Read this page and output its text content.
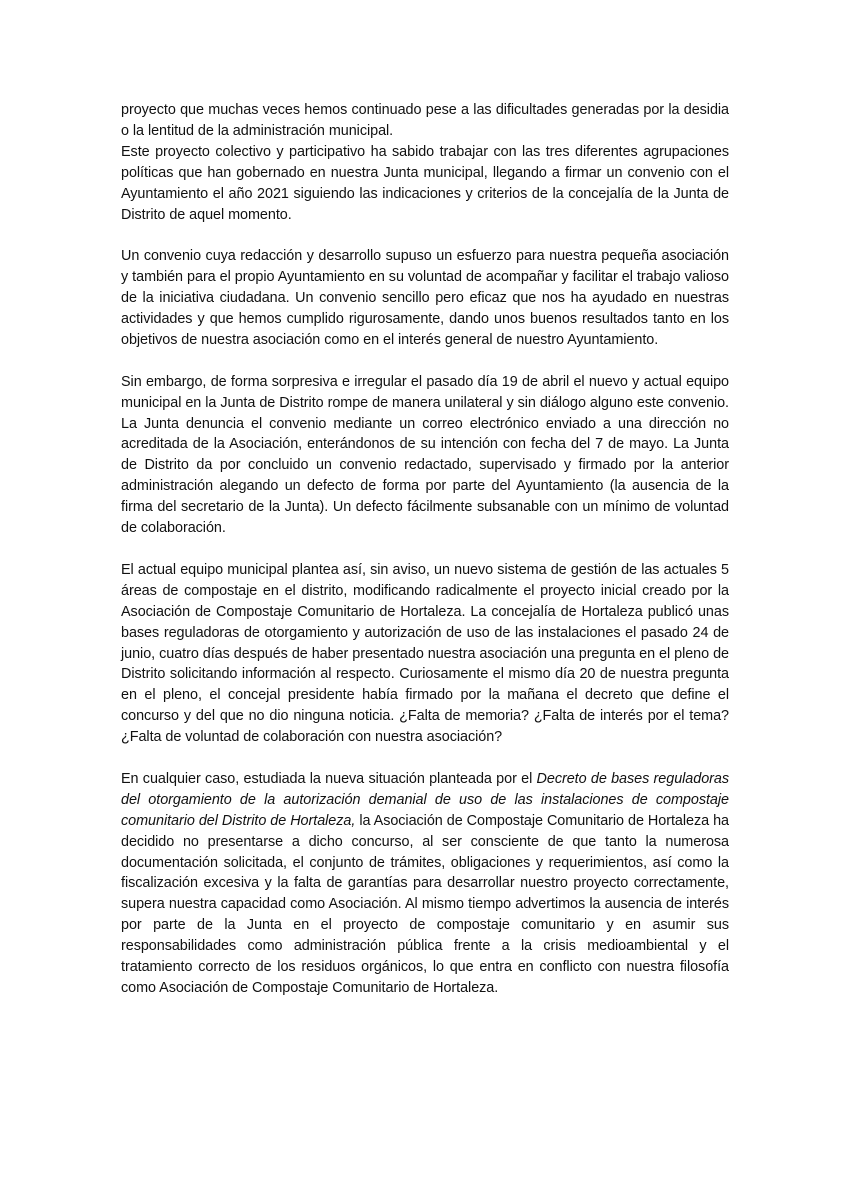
proyecto que muchas veces hemos continuado pese a las dificultades generadas por la desidia o la lentitud de la administración municipal.

Este proyecto colectivo y participativo ha sabido trabajar con las tres diferentes agrupaciones políticas que han gobernado en nuestra Junta municipal, llegando a firmar un convenio con el Ayuntamiento el año 2021 siguiendo las indicaciones y criterios de la concejalía de la Junta de Distrito de aquel momento.

Un convenio cuya redacción y desarrollo supuso un esfuerzo para nuestra pequeña asociación y también para el propio Ayuntamiento en su voluntad de acompañar y facilitar el trabajo valioso de la iniciativa ciudadana. Un convenio sencillo pero eficaz que nos ha ayudado en nuestras actividades y que hemos cumplido rigurosamente, dando unos buenos resultados tanto en los objetivos de nuestra asociación como en el interés general de nuestro Ayuntamiento.

Sin embargo, de forma sorpresiva e irregular el pasado día 19 de abril el nuevo y actual equipo municipal en la Junta de Distrito rompe de manera unilateral y sin diálogo alguno este convenio. La Junta denuncia el convenio mediante un correo electrónico enviado a una dirección no acreditada de la Asociación, enterándonos de su intención con fecha del 7 de mayo. La Junta de Distrito da por concluido un convenio redactado, supervisado y firmado por la anterior administración alegando un defecto de forma por parte del Ayuntamiento (la ausencia de la firma del secretario de la Junta). Un defecto fácilmente subsanable con un mínimo de voluntad de colaboración.

El actual equipo municipal plantea así, sin aviso, un nuevo sistema de gestión de las actuales 5 áreas de compostaje en el distrito, modificando radicalmente el proyecto inicial creado por la Asociación de Compostaje Comunitario de Hortaleza. La concejalía de Hortaleza publicó unas bases reguladoras de otorgamiento y autorización de uso de las instalaciones el pasado 24 de junio, cuatro días después de haber presentado nuestra asociación una pregunta en el pleno de Distrito solicitando información al respecto. Curiosamente el mismo día 20 de nuestra pregunta en el pleno, el concejal presidente había firmado por la mañana el decreto que define el concurso y del que no dio ninguna noticia. ¿Falta de memoria? ¿Falta de interés por el tema? ¿Falta de voluntad de colaboración con nuestra asociación?

En cualquier caso, estudiada la nueva situación planteada por el Decreto de bases reguladoras del otorgamiento de la autorización demanial de uso de las instalaciones de compostaje comunitario del Distrito de Hortaleza, la Asociación de Compostaje Comunitario de Hortaleza ha decidido no presentarse a dicho concurso, al ser consciente de que tanto la numerosa documentación solicitada, el conjunto de trámites, obligaciones y requerimientos, así como la fiscalización excesiva y la falta de garantías para desarrollar nuestro proyecto correctamente, supera nuestra capacidad como Asociación. Al mismo tiempo advertimos la ausencia de interés por parte de la Junta en el proyecto de compostaje comunitario y en asumir sus responsabilidades como administración pública frente a la crisis medioambiental y el tratamiento correcto de los residuos orgánicos, lo que entra en conflicto con nuestra filosofía como Asociación de Compostaje Comunitario de Hortaleza.
